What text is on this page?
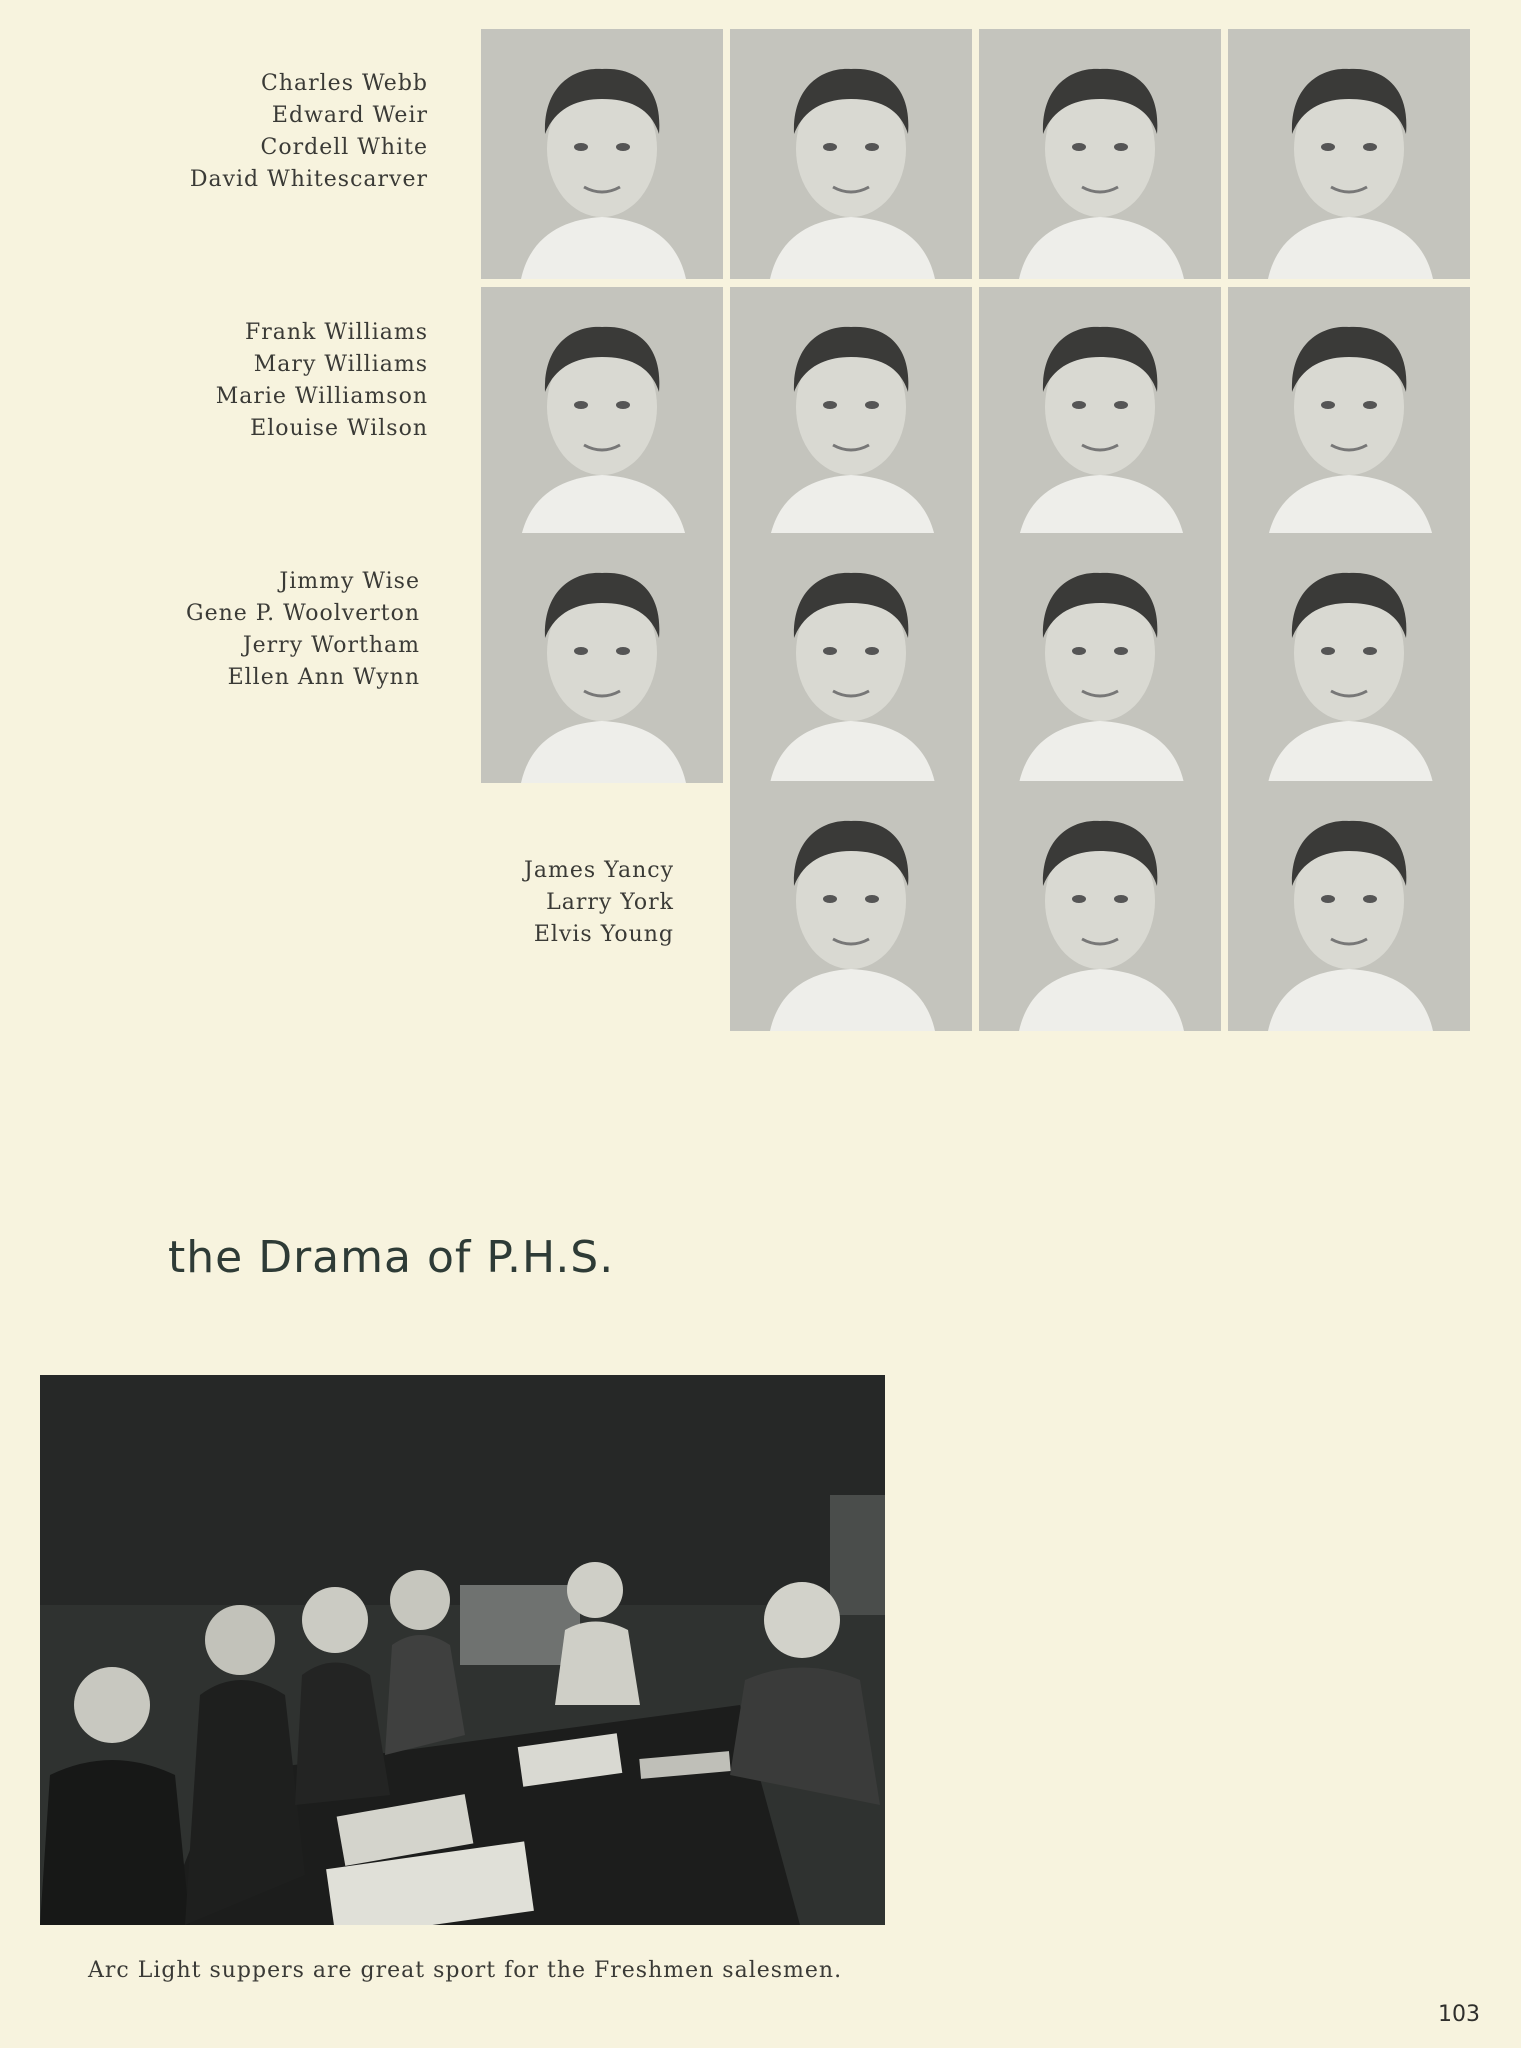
Charles Webb
Edward Weir
Cordell White
David Whitescarver
Frank Williams
Mary Williams
Marie Williamson
Elouise Wilson
Jimmy Wise
Gene P. Woolverton
Jerry Wortham
Ellen Ann Wynn
James Yancy
Larry York
Elvis Young
the Drama of P.H.S.
Arc Light suppers are great sport for the Freshmen salesmen.
103
